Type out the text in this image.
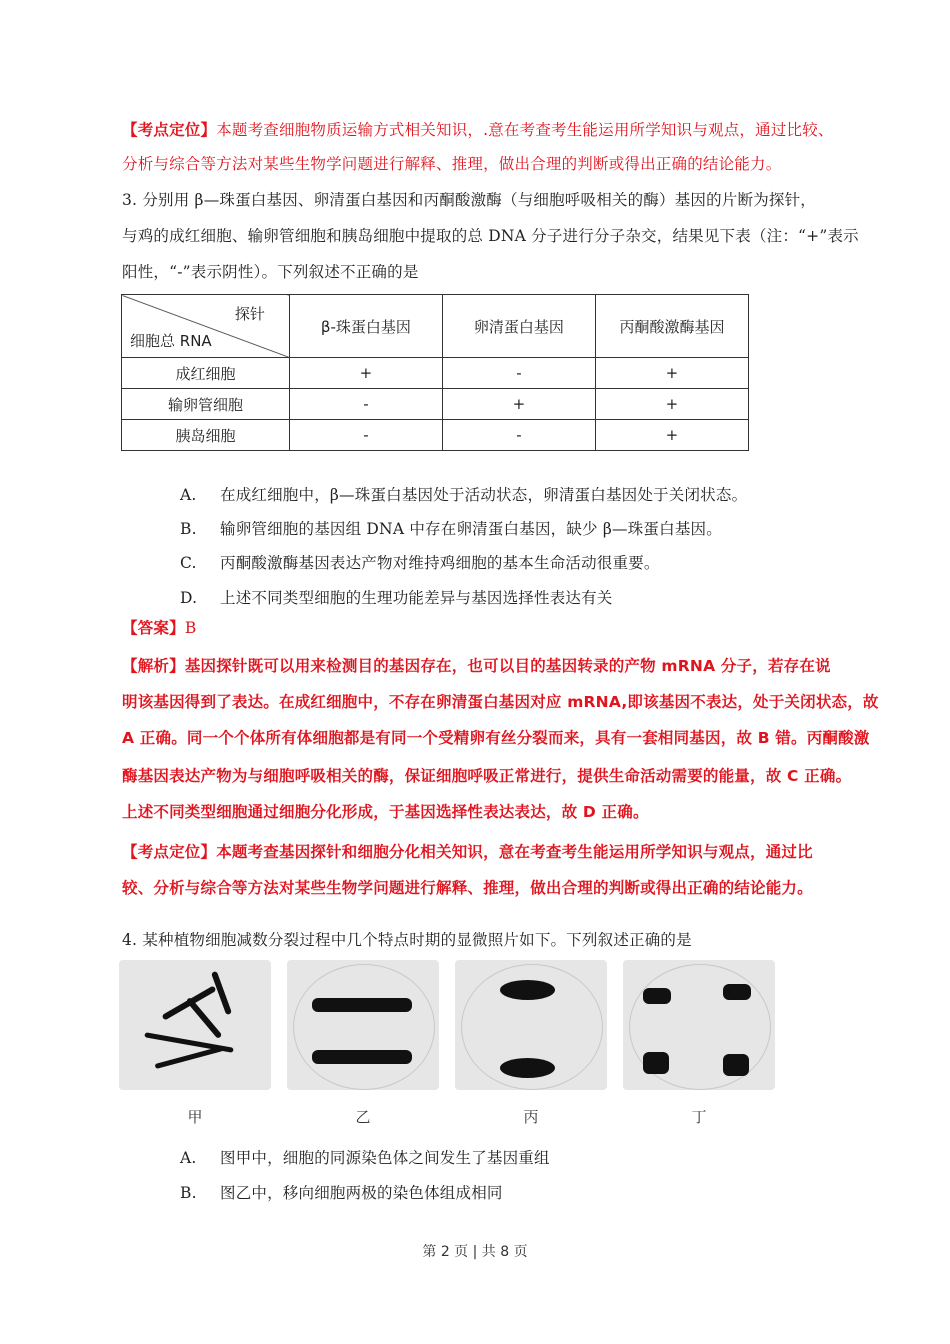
【考点定位】本题考查细胞物质运输方式相关知识，.意在考查考生能运用所学知识与观点，通过比较、
分析与综合等方法对某些生物学问题进行解释、推理，做出合理的判断或得出正确的结论能力。
3. 分别用 β—珠蛋白基因、卵清蛋白基因和丙酮酸激酶（与细胞呼吸相关的酶）基因的片断为探针，
与鸡的成红细胞、输卵管细胞和胰岛细胞中提取的总 DNA 分子进行分子杂交，结果见下表（注：“+”表示
阳性，“-”表示阴性）。下列叙述不正确的是
探针
细胞总 RNA	β-珠蛋白基因	卵清蛋白基因	丙酮酸激酶基因
成红细胞	+	-	+
输卵管细胞	-	+	+
胰岛细胞	-	-	+
A. 在成红细胞中，β—珠蛋白基因处于活动状态，卵清蛋白基因处于关闭状态。
B. 输卵管细胞的基因组 DNA 中存在卵清蛋白基因，缺少 β—珠蛋白基因。
C. 丙酮酸激酶基因表达产物对维持鸡细胞的基本生命活动很重要。
D. 上述不同类型细胞的生理功能差异与基因选择性表达有关
【答案】B
【解析】基因探针既可以用来检测目的基因存在，也可以目的基因转录的产物 mRNA 分子，若存在说
明该基因得到了表达。在成红细胞中，不存在卵清蛋白基因对应 mRNA,即该基因不表达，处于关闭状态，故
A 正确。同一个个体所有体细胞都是有同一个受精卵有丝分裂而来，具有一套相同基因，故 B 错。丙酮酸激
酶基因表达产物为与细胞呼吸相关的酶，保证细胞呼吸正常进行，提供生命活动需要的能量，故 C 正确。
上述不同类型细胞通过细胞分化形成，于基因选择性表达表达，故 D 正确。
【考点定位】本题考查基因探针和细胞分化相关知识，意在考查考生能运用所学知识与观点，通过比
较、分析与综合等方法对某些生物学问题进行解释、推理，做出合理的判断或得出正确的结论能力。
4. 某种植物细胞减数分裂过程中几个特点时期的显微照片如下。下列叙述正确的是
甲	乙	丙	丁
A. 图甲中，细胞的同源染色体之间发生了基因重组
B. 图乙中，移向细胞两极的染色体组成相同
第 2 页 | 共 8 页
